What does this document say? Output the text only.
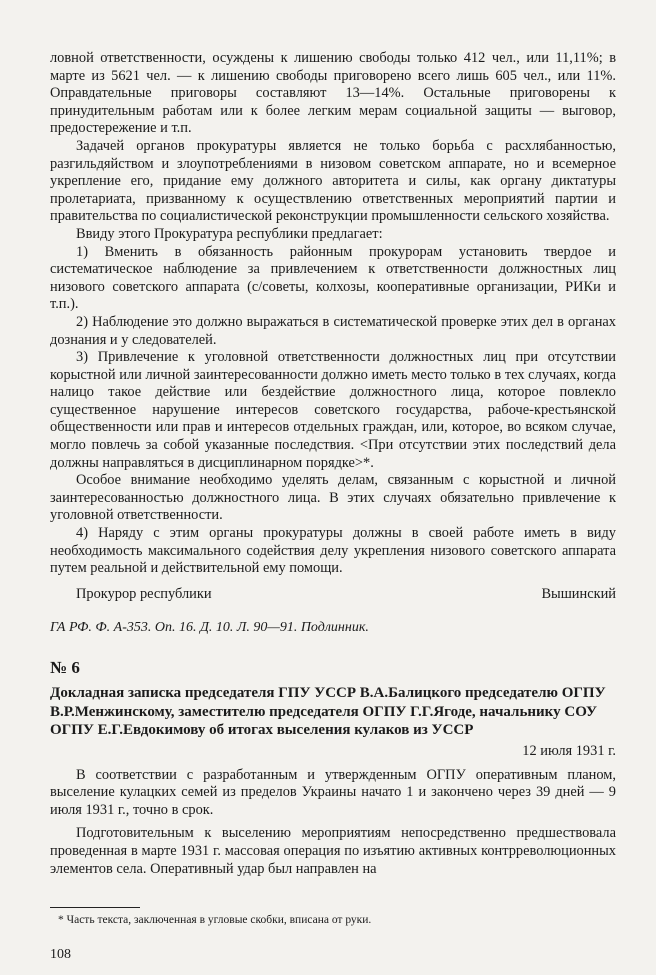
ловной ответственности, осуждены к лишению свободы только 412 чел., или 11,11%; в марте из 5621 чел. — к лишению свободы приговорено всего лишь 605 чел., или 11%. Оправдательные приговоры составляют 13—14%. Остальные приговорены к принудительным работам или к более легким мерам социальной защиты — выговор, предостережение и т.п.

Задачей органов прокуратуры является не только борьба с расхлябанностью, разгильдяйством и злоупотреблениями в низовом советском аппарате, но и всемерное укрепление его, придание ему должного авторитета и силы, как органу диктатуры пролетариата, призванному к осуществлению ответственных мероприятий партии и правительства по социалистической реконструкции промышленности сельского хозяйства.

Ввиду этого Прокуратура республики предлагает:

1) Вменить в обязанность районным прокурорам установить твердое и систематическое наблюдение за привлечением к ответственности должностных лиц низового советского аппарата (с/советы, колхозы, кооперативные организации, РИКи и т.п.).

2) Наблюдение это должно выражаться в систематической проверке этих дел в органах дознания и у следователей.

3) Привлечение к уголовной ответственности должностных лиц при отсутствии корыстной или личной заинтересованности должно иметь место только в тех случаях, когда налицо такое действие или бездействие должностного лица, которое повлекло существенное нарушение интересов советского государства, рабоче-крестьянской общественности или прав и интересов отдельных граждан, или, которое, во всяком случае, могло повлечь за собой указанные последствия. <При отсутствии этих последствий дела должны направляться в дисциплинарном порядке>*.

Особое внимание необходимо уделять делам, связанным с корыстной и личной заинтересованностью должностного лица. В этих случаях обязательно привлечение к уголовной ответственности.

4) Наряду с этим органы прокуратуры должны в своей работе иметь в виду необходимость максимального содействия делу укрепления низового советского аппарата путем реальной и действительной ему помощи.

Прокурор республики	Вышинский
ГА РФ. Ф. А-353. Оп. 16. Д. 10. Л. 90—91. Подлинник.
№ 6
Докладная записка председателя ГПУ УССР В.А.Балицкого председателю ОГПУ В.Р.Менжинскому, заместителю председателя ОГПУ Г.Г.Ягоде, начальнику СОУ ОГПУ Е.Г.Евдокимову об итогах выселения кулаков из УССР
12 июля 1931 г.

В соответствии с разработанным и утвержденным ОГПУ оперативным планом, выселение кулацких семей из пределов Украины начато 1 и закончено через 39 дней — 9 июля 1931 г., точно в срок.

Подготовительным к выселению мероприятиям непосредственно предшествовала проведенная в марте 1931 г. массовая операция по изъятию активных контрреволюционных элементов села. Оперативный удар был направлен на

* Часть текста, заключенная в угловые скобки, вписана от руки.
108
